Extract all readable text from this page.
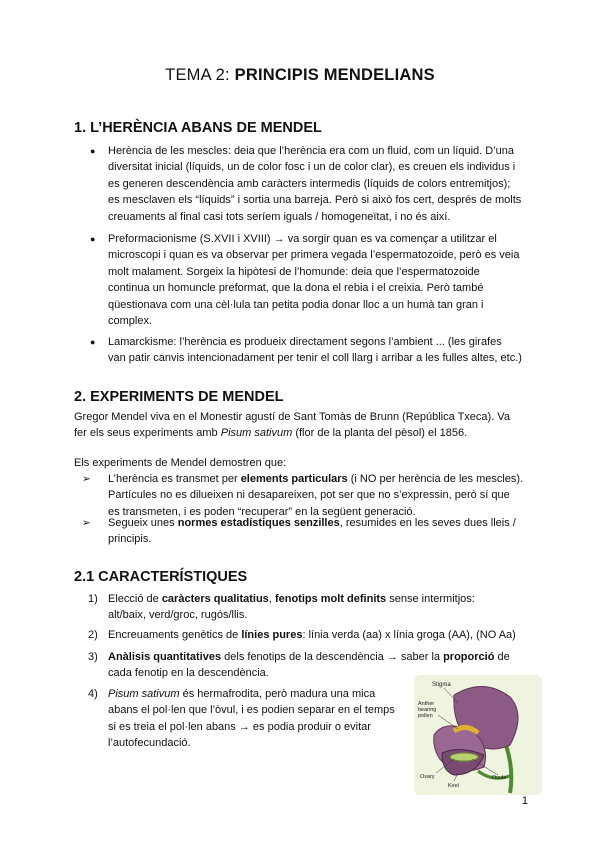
TEMA 2: PRINCIPIS MENDELIANS
1. L’HERÈNCIA ABANS DE MENDEL
● Herència de les mescles: deia que l’herència era com un fluid, com un líquid. D’una
diversitat inicial (líquids, un de color fosc i un de color clar), es creuen els individus i
es generen descendència amb caràcters intermedis (líquids de colors entremitjos);
es mesclaven els “líquids” i sortia una barreja. Però si això fos cert, després de molts
creuaments al final casi tots seríem iguals / homogeneïtat, i no és així.
● Preformacionisme (S.XVII i XVIII) → va sorgir quan es va començar a utilitzar el
microscopi i quan es va observar per primera vegada l’espermatozoide, però es veia
molt malament. Sorgeix la hipòtesi de l’homunde: deia que l’espermatozoide
continua un homuncle preformat, que la dona el rebia i el creixia. Però també
qüestionava com una cèl·lula tan petita podia donar lloc a un humà tan gran i
complex.
● Lamarckisme: l’herència es produeix directament segons l’ambient ... (les girafes
van patir canvis intencionadament per tenir el coll llarg i arribar a les fulles altes, etc.)
2. EXPERIMENTS DE MENDEL
Gregor Mendel viva en el Monestir agustí de Sant Tomàs de Brunn (República Txeca). Va
fer els seus experiments amb Pisum sativum (flor de la planta del pèsol) el 1856.
Els experiments de Mendel demostren que:
➢ L’herència es transmet per elements particulars (i NO per herència de les mescles).
Partícules no es dilueixen ni desapareixen, pot ser que no s’expressin, però sí que
es transmeten, i es poden “recuperar” en la següent generació.
➢ Segueix unes normes estadístiques senzilles, resumides en les seves dues lleis /
principis.
2.1 CARACTERÍSTIQUES
1) Elecció de caràcters qualitatius, fenotips molt definits sense intermitjos:
alt/baix, verd/groc, rugós/llis.
2) Encreuaments genètics de línies pures: línia verda (aa) x línia groga (AA), (NO Aa)
3) Anàlisis quantitatives dels fenotips de la descendència → saber la proporció de
cada fenotip en la descendència.
4) Pisum sativum és hermafrodita, però madura una mica
abans el pol·len que l’òvul, i es podien separar en el temps
si es treia el pol·len abans → es podia produir o evitar
l’autofecundació.
Stigma
Anther
bearing
pollen
Ovary	Ovule
Keel
1
